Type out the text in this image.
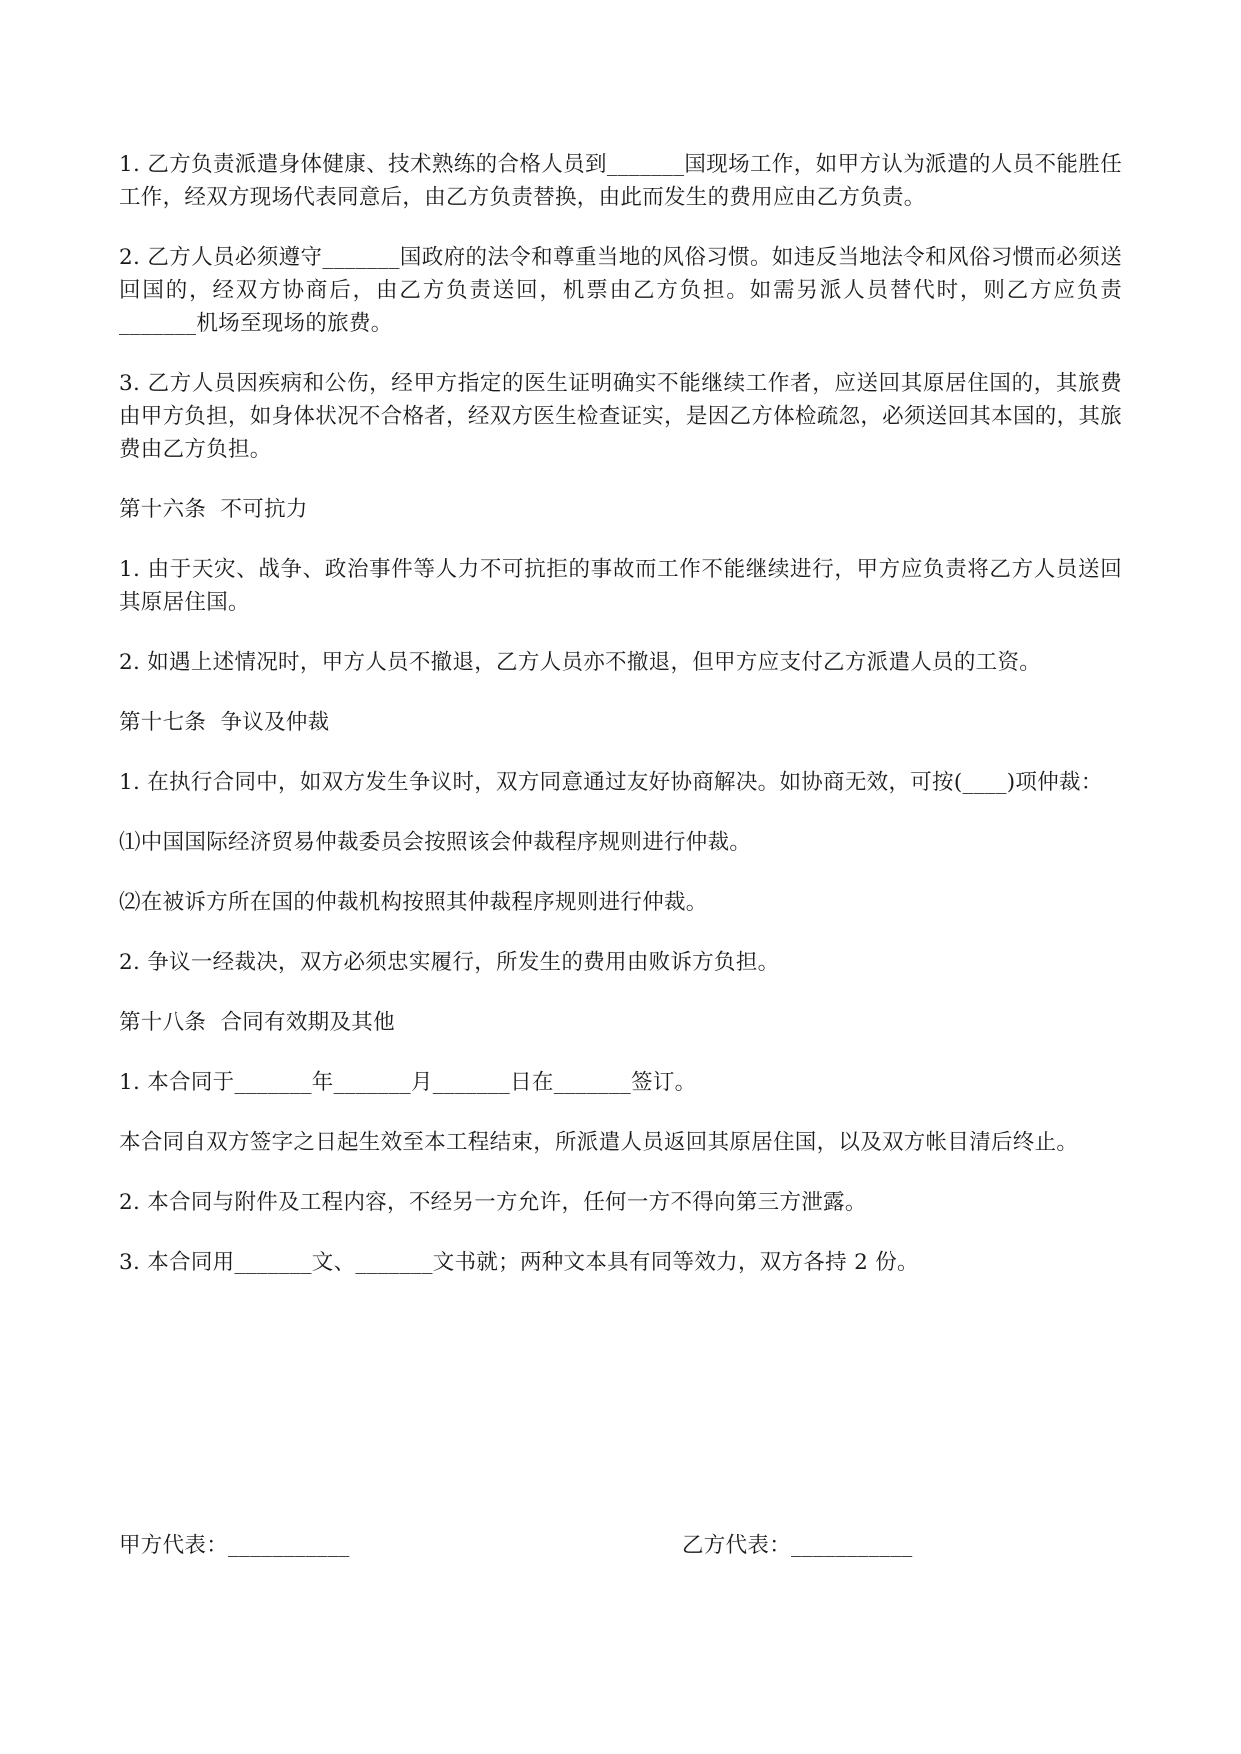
1. 乙方负责派遣身体健康、技术熟练的合格人员到_______国现场工作，如甲方认为派遣的人员不能胜任工作，经双方现场代表同意后，由乙方负责替换，由此而发生的费用应由乙方负责。

2. 乙方人员必须遵守_______国政府的法令和尊重当地的风俗习惯。如违反当地法令和风俗习惯而必须送回国的，经双方协商后，由乙方负责送回，机票由乙方负担。如需另派人员替代时，则乙方应负责_______机场至现场的旅费。

3. 乙方人员因疾病和公伤，经甲方指定的医生证明确实不能继续工作者，应送回其原居住国的，其旅费由甲方负担，如身体状况不合格者，经双方医生检查证实，是因乙方体检疏忽，必须送回其本国的，其旅费由乙方负担。

第十六条  不可抗力

1. 由于天灾、战争、政治事件等人力不可抗拒的事故而工作不能继续进行，甲方应负责将乙方人员送回其原居住国。

2. 如遇上述情况时，甲方人员不撤退，乙方人员亦不撤退，但甲方应支付乙方派遣人员的工资。

第十七条  争议及仲裁

1. 在执行合同中，如双方发生争议时，双方同意通过友好协商解决。如协商无效，可按(____)项仲裁：

⑴中国国际经济贸易仲裁委员会按照该会仲裁程序规则进行仲裁。

⑵在被诉方所在国的仲裁机构按照其仲裁程序规则进行仲裁。

2. 争议一经裁决，双方必须忠实履行，所发生的费用由败诉方负担。

第十八条  合同有效期及其他

1. 本合同于_______年_______月_______日在_______签订。

本合同自双方签字之日起生效至本工程结束，所派遣人员返回其原居住国，以及双方帐目清后终止。

2. 本合同与附件及工程内容，不经另一方允许，任何一方不得向第三方泄露。

3. 本合同用_______文、_______文书就；两种文本具有同等效力，双方各持 2 份。

甲方代表：___________	乙方代表：___________
